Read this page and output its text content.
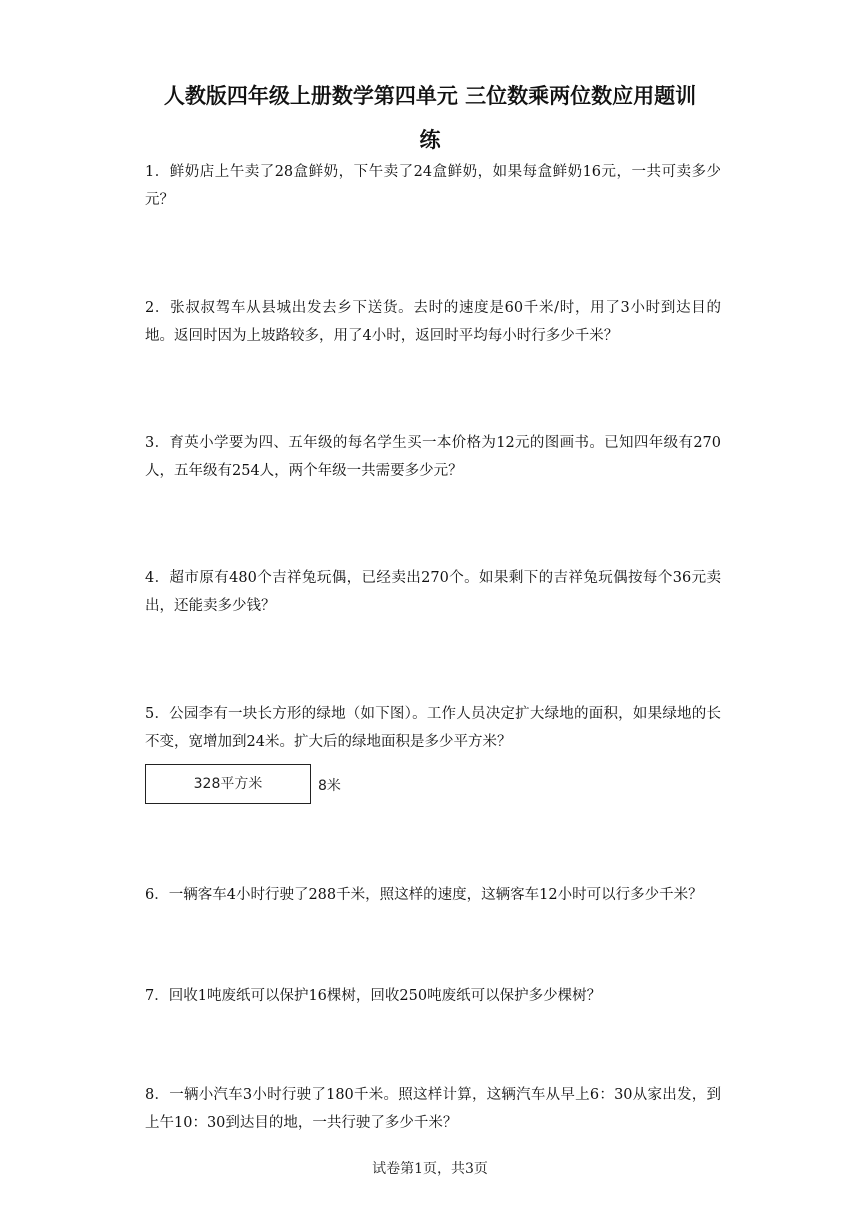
人教版四年级上册数学第四单元 三位数乘两位数应用题训
练
1．鲜奶店上午卖了28盒鲜奶，下午卖了24盒鲜奶，如果每盒鲜奶16元，一共可卖多少元？
2．张叔叔驾车从县城出发去乡下送货。去时的速度是60千米/时，用了3小时到达目的地。返回时因为上坡路较多，用了4小时，返回时平均每小时行多少千米？
3．育英小学要为四、五年级的每名学生买一本价格为12元的图画书。已知四年级有270人，五年级有254人，两个年级一共需要多少元？
4．超市原有480个吉祥兔玩偶，已经卖出270个。如果剩下的吉祥兔玩偶按每个36元卖出，还能卖多少钱？
5．公园李有一块长方形的绿地（如下图）。工作人员决定扩大绿地的面积，如果绿地的长不变，宽增加到24米。扩大后的绿地面积是多少平方米？
328平方米	8米
6．一辆客车4小时行驶了288千米，照这样的速度，这辆客车12小时可以行多少千米？
7．回收1吨废纸可以保护16棵树，回收250吨废纸可以保护多少棵树？
8．一辆小汽车3小时行驶了180千米。照这样计算，这辆汽车从早上6：30从家出发，到上午10：30到达目的地，一共行驶了多少千米？
试卷第1页，共3页
